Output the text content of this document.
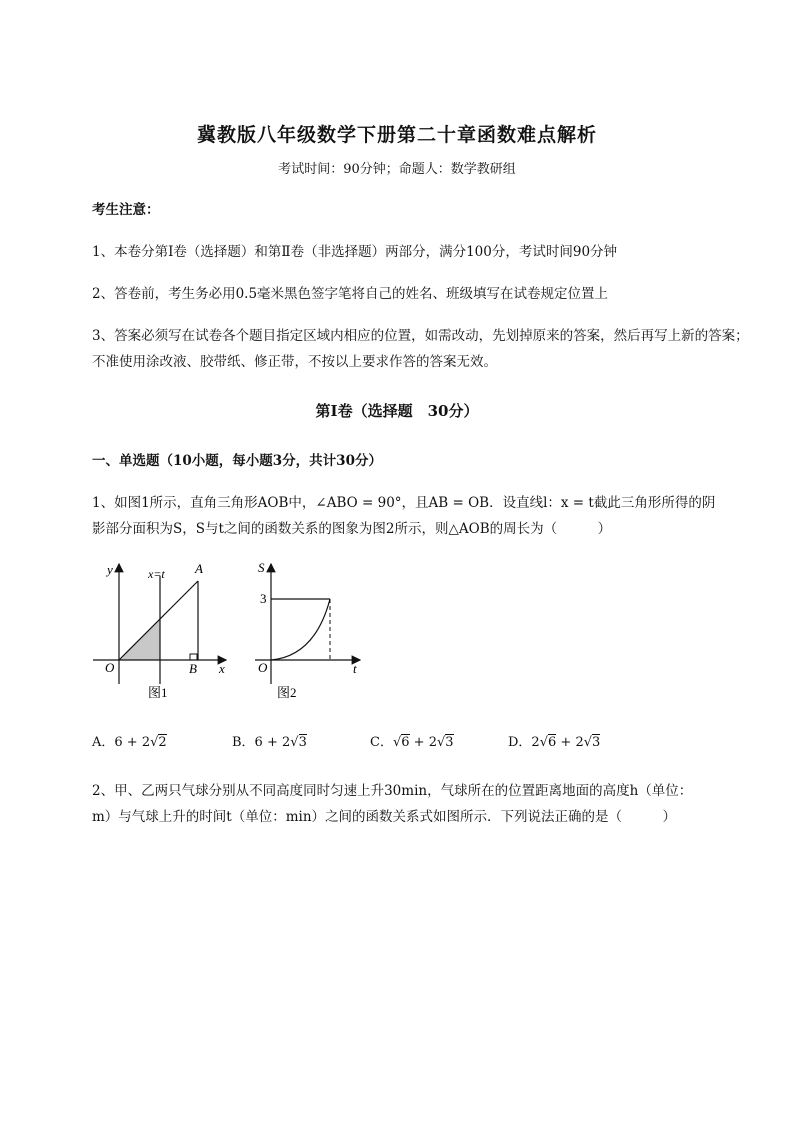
冀教版八年级数学下册第二十章函数难点解析
考试时间：90分钟；命题人：数学教研组
考生注意：
1、本卷分第I卷（选择题）和第Ⅱ卷（非选择题）两部分，满分100分，考试时间90分钟
2、答卷前，考生务必用0.5毫米黑色签字笔将自己的姓名、班级填写在试卷规定位置上
3、答案必须写在试卷各个题目指定区域内相应的位置，如需改动，先划掉原来的答案，然后再写上新的答案；不准使用涂改液、胶带纸、修正带，不按以上要求作答的答案无效。
第I卷（选择题　30分）
一、单选题（10小题，每小题3分，共计30分）
1、如图1所示，直角三角形AOB中，∠ABO = 90°，且AB = OB．设直线l：x = t截此三角形所得的阴
影部分面积为S，S与t之间的函数关系的图象为图2所示，则△AOB的周长为（　　　）
y	x=t A
O	B x
图1
S
3
O	t
图2
A．6 + 2√2	B．6 + 2√3	C．√6 + 2√3	D．2√6 + 2√3
2、甲、乙两只气球分别从不同高度同时匀速上升30min，气球所在的位置距离地面的高度h（单位：
m）与气球上升的时间t（单位：min）之间的函数关系式如图所示．下列说法正确的是（　　　）
